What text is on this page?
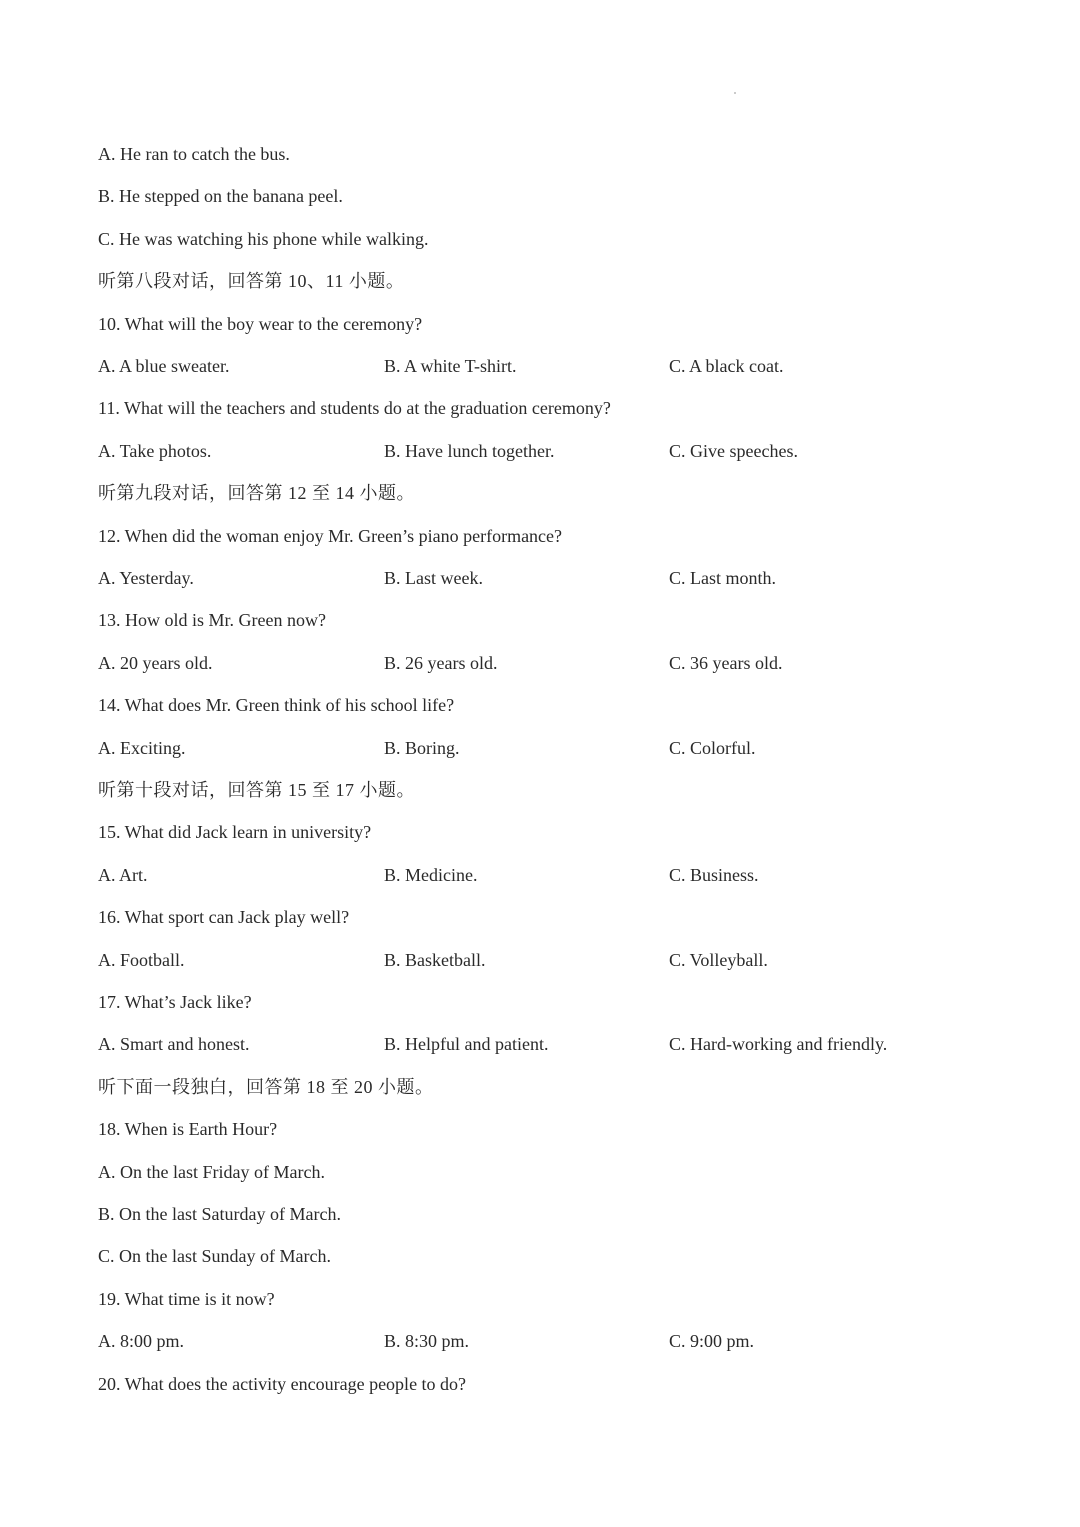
A. He ran to catch the bus.
B. He stepped on the banana peel.
C. He was watching his phone while walking.
听第八段对话，回答第 10、11 小题。
10. What will the boy wear to the ceremony?
A. A blue sweater.	B. A white T-shirt.	C. A black coat.
11. What will the teachers and students do at the graduation ceremony?
A. Take photos.	B. Have lunch together.	C. Give speeches.
听第九段对话，回答第 12 至 14 小题。
12. When did the woman enjoy Mr. Green’s piano performance?
A. Yesterday.	B. Last week.	C. Last month.
13. How old is Mr. Green now?
A. 20 years old.	B. 26 years old.	C. 36 years old.
14. What does Mr. Green think of his school life?
A. Exciting.	B. Boring.	C. Colorful.
听第十段对话，回答第 15 至 17 小题。
15. What did Jack learn in university?
A. Art.	B. Medicine.	C. Business.
16. What sport can Jack play well?
A. Football.	B. Basketball.	C. Volleyball.
17. What’s Jack like?
A. Smart and honest.	B. Helpful and patient.	C. Hard-working and friendly.
听下面一段独白，回答第 18 至 20 小题。
18. When is Earth Hour?
A. On the last Friday of March.
B. On the last Saturday of March.
C. On the last Sunday of March.
19. What time is it now?
A. 8:00 pm.	B. 8:30 pm.	C. 9:00 pm.
20. What does the activity encourage people to do?
